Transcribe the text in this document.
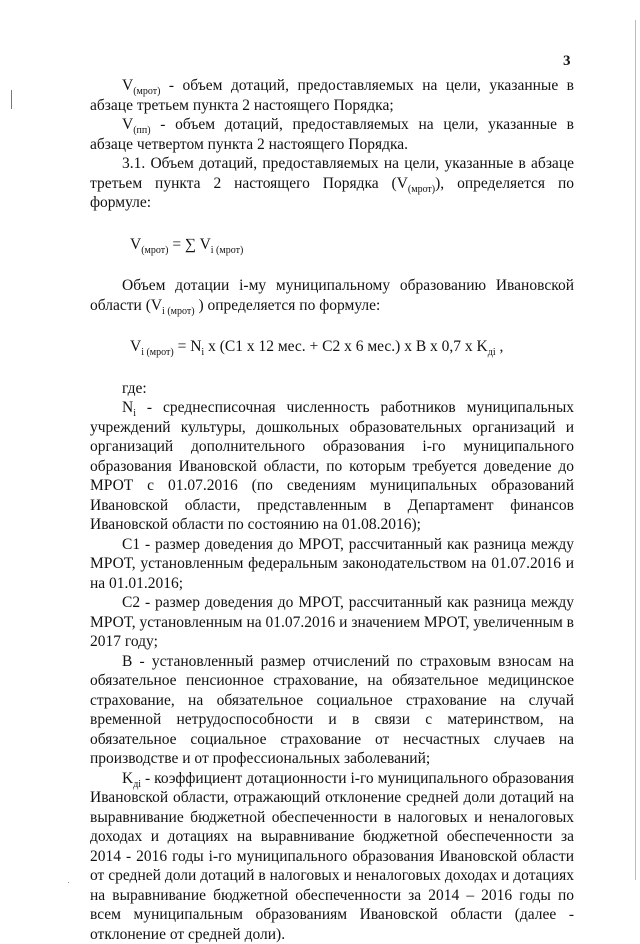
3

$V_{(мрот)}$ - объем дотаций, предоставляемых на цели, указанные в абзаце третьем пункта 2 настоящего Порядка;

$V_{(пп)}$ - объем дотаций, предоставляемых на цели, указанные в абзаце четвертом пункта 2 настоящего Порядка.

3.1. Объем дотаций, предоставляемых на цели, указанные в абзаце третьем пункта 2 настоящего Порядка $(V_{(мрот)})$, определяется по формуле:

$V_{(мрот)}$ = ∑ $V_{i (мрот)}$

Объем дотации i-му муниципальному образованию Ивановской области ($V_{i (мрот)}$ ) определяется по формуле:

$V_{i (мрот)} = N_i$ x (C1 x 12 мес. + C2 x 6 мес.) x B x 0,7 x $K_{дi}$ ,

где:

$N_i$ - среднесписочная численность работников муниципальных учреждений культуры, дошкольных образовательных организаций и организаций дополнительного образования i-го муниципального образования Ивановской области, по которым требуется доведение до МРОТ с 01.07.2016 (по сведениям муниципальных образований Ивановской области, представленным в Департамент финансов Ивановской области по состоянию на 01.08.2016);

C1 - размер доведения до МРОТ, рассчитанный как разница между МРОТ, установленным федеральным законодательством на 01.07.2016 и на 01.01.2016;

C2 - размер доведения до МРОТ, рассчитанный как разница между МРОТ, установленным на 01.07.2016 и значением МРОТ, увеличенным в 2017 году;

B - установленный размер отчислений по страховым взносам на обязательное пенсионное страхование, на обязательное медицинское страхование, на обязательное социальное страхование на случай временной нетрудоспособности и в связи с материнством, на обязательное социальное страхование от несчастных случаев на производстве и от профессиональных заболеваний;

$K_{дi}$ - коэффициент дотационности i-го муниципального образования Ивановской области, отражающий отклонение средней доли дотаций на выравнивание бюджетной обеспеченности в налоговых и неналоговых доходах и дотациях на выравнивание бюджетной обеспеченности за 2014 - 2016 годы i-го муниципального образования Ивановской области от средней доли дотаций в налоговых и неналоговых доходах и дотациях на выравнивание бюджетной обеспеченности за 2014 – 2016 годы по всем муниципальным образованиям Ивановской области (далее - отклонение от средней доли).
